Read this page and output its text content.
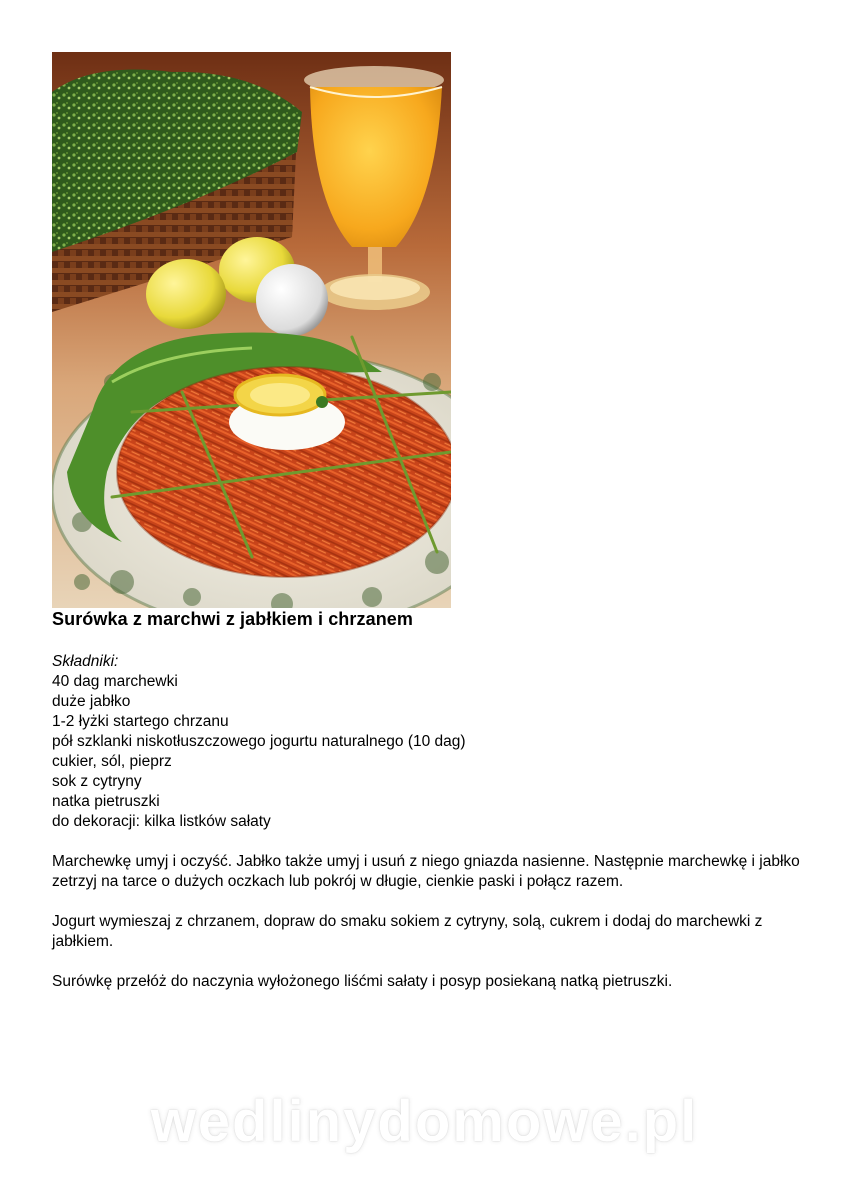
Surówka z marchwi z jabłkiem i chrzanem
Składniki:
40 dag marchewki
duże jabłko
1-2 łyżki startego chrzanu
pół szklanki niskotłuszczowego jogurtu naturalnego (10 dag)
cukier, sól, pieprz
sok z cytryny
natka pietruszki
do dekoracji: kilka listków sałaty

Marchewkę umyj i oczyść. Jabłko także umyj i usuń z niego gniazda nasienne. Następnie marchewkę i jabłko zetrzyj na tarce o dużych oczkach lub pokrój w długie, cienkie paski i połącz razem.

Jogurt wymieszaj z chrzanem, dopraw do smaku sokiem z cytryny, solą, cukrem i dodaj do marchewki z jabłkiem.

Surówkę przełóż do naczynia wyłożonego liśćmi sałaty i posyp posiekaną natką pietruszki.

wedlinydomowe.pl
